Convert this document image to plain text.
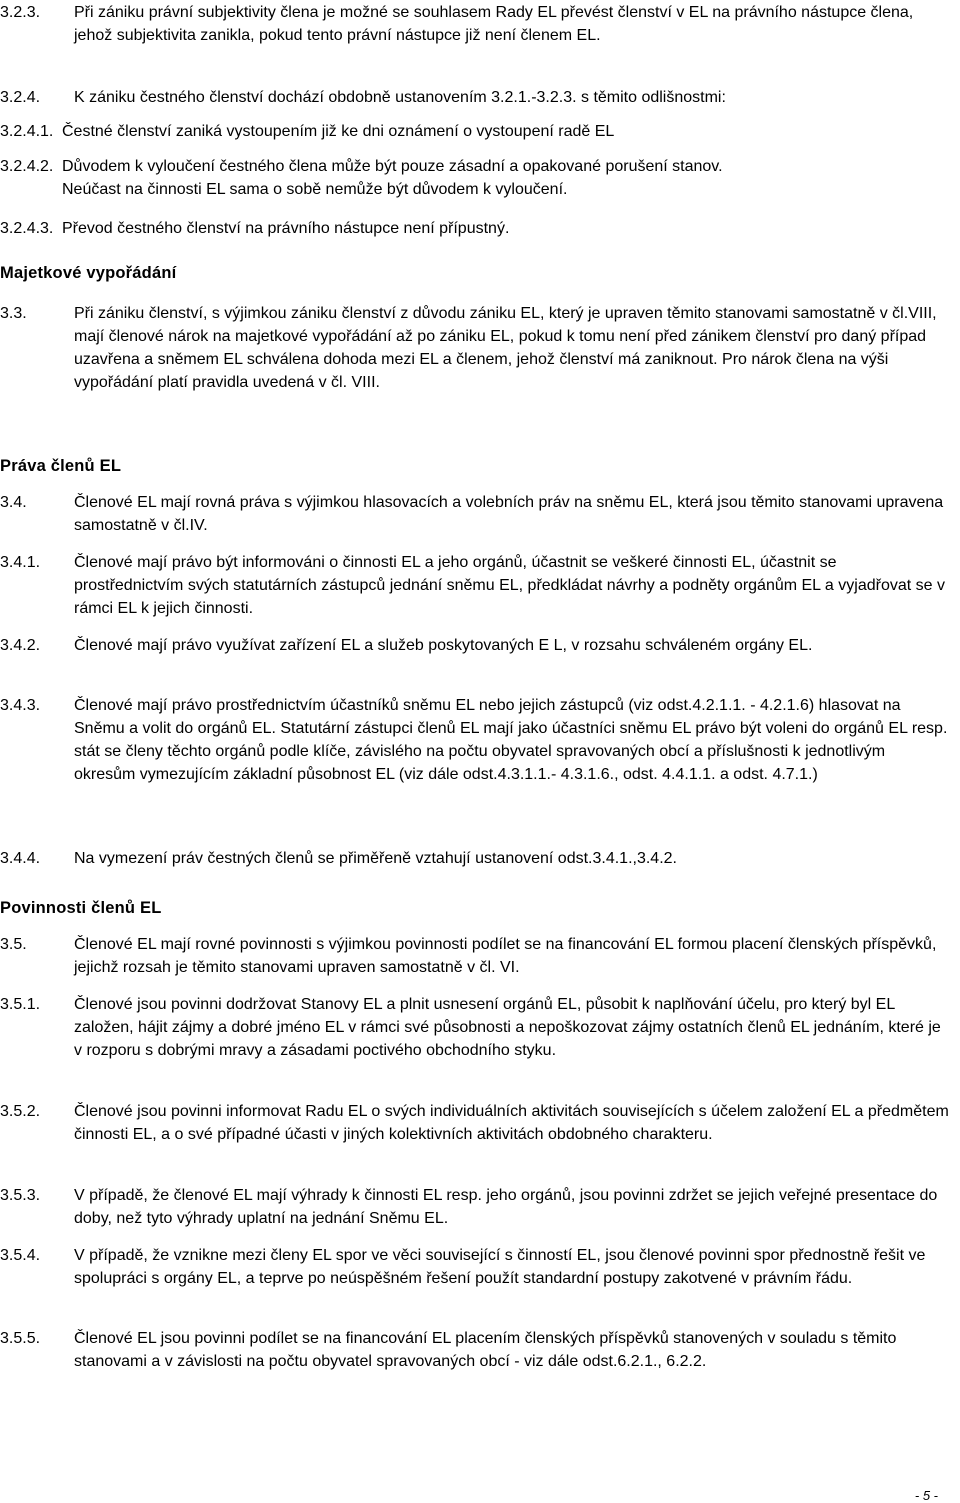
3.2.3. Při zániku právní subjektivity člena je možné se souhlasem Rady EL převést členství v EL na právního nástupce člena, jehož subjektivita zanikla, pokud tento právní nástupce již není členem EL.
3.2.4. K zániku čestného členství dochází obdobně ustanovením 3.2.1.-3.2.3. s těmito odlišnostmi:
3.2.4.1. Čestné členství zaniká vystoupením již ke dni oznámení o vystoupení radě EL
3.2.4.2. Důvodem k vyloučení čestného člena může být pouze zásadní a opakované porušení stanov.
Neúčast na činnosti EL sama o sobě nemůže být důvodem k vyloučení.
3.2.4.3. Převod čestného členství na právního nástupce není přípustný.
Majetkové vypořádání
3.3.	Při zániku členství, s výjimkou zániku členství z důvodu zániku EL, který je upraven těmito stanovami samostatně v čl.VIII, mají členové nárok na majetkové vypořádání až po zániku EL, pokud k tomu není před zánikem členství pro daný případ uzavřena a sněmem EL schválena dohoda mezi EL a členem, jehož členství má zaniknout. Pro nárok člena na výši vypořádání platí pravidla uvedená v čl. VIII.
Práva členů EL
3.4.	Členové EL mají rovná práva s výjimkou hlasovacích a volebních práv na sněmu EL, která jsou těmito stanovami upravena samostatně v čl.IV.
3.4.1. Členové mají právo být informováni o činnosti EL a jeho orgánů, účastnit se veškeré činnosti EL, účastnit se prostřednictvím svých statutárních zástupců jednání sněmu EL, předkládat návrhy a podněty orgánům EL a vyjadřovat se v rámci EL k jejich činnosti.
3.4.2. Členové mají právo využívat zařízení EL a služeb poskytovaných E L, v rozsahu schváleném orgány EL.
3.4.3. Členové mají právo prostřednictvím účastníků sněmu EL nebo jejich zástupců (viz odst.4.2.1.1. - 4.2.1.6) hlasovat na Sněmu a volit do orgánů EL. Statutární zástupci členů EL mají jako účastníci sněmu EL právo být voleni do orgánů EL resp. stát se členy těchto orgánů podle klíče, závislého na počtu obyvatel spravovaných obcí a příslušnosti k jednotlivým okresům vymezujícím základní působnost EL (viz dále odst.4.3.1.1.- 4.3.1.6., odst. 4.4.1.1. a odst. 4.7.1.)
3.4.4. Na vymezení práv čestných členů se přiměřeně vztahují ustanovení odst.3.4.1.,3.4.2.
Povinnosti členů EL
3.5.	Členové EL mají rovné povinnosti s výjimkou povinnosti podílet se na financování EL formou placení členských příspěvků, jejichž rozsah je těmito stanovami upraven samostatně v čl. VI.
3.5.1. Členové jsou povinni dodržovat Stanovy EL a plnit usnesení orgánů EL, působit k naplňování účelu, pro který byl EL založen, hájit zájmy a dobré jméno EL v rámci své působnosti a nepoškozovat zájmy ostatních členů EL jednáním, které je v rozporu s dobrými mravy a zásadami poctivého obchodního styku.
3.5.2. Členové jsou povinni informovat Radu EL o svých individuálních aktivitách souvisejících s účelem založení EL a předmětem činnosti EL, a o své případné účasti v jiných kolektivních aktivitách obdobného charakteru.
3.5.3. V případě, že členové EL mají výhrady k činnosti EL resp. jeho orgánů, jsou povinni zdržet se jejich veřejné presentace do doby, než tyto výhrady uplatní na jednání Sněmu EL.
3.5.4. V případě, že vznikne mezi členy EL spor ve věci související s činností EL, jsou členové povinni spor přednostně řešit ve spolupráci s orgány EL, a teprve po neúspěšném řešení použít standardní postupy zakotvené v právním řádu.
3.5.5. Členové EL jsou povinni podílet se na financování EL placením členských příspěvků stanovených v souladu s těmito stanovami a v závislosti na počtu obyvatel spravovaných obcí - viz dále odst.6.2.1., 6.2.2.
- 5 -
